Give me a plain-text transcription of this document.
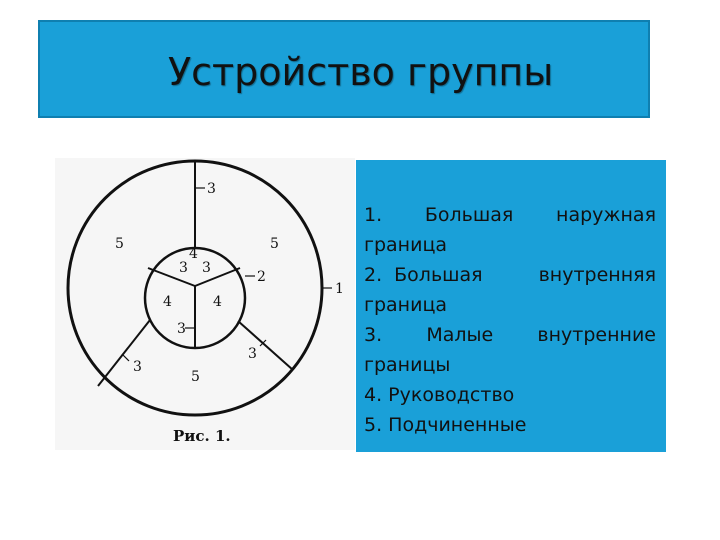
Устройство группы
3
5	5
4
3 3
2
1
4	4
3
3
5
3
Рис. 1.
1. Большая наружная
граница
2. Большая	внутренняя
граница
3. Малые внутренние
границы
4. Руководство
5. Подчиненные
